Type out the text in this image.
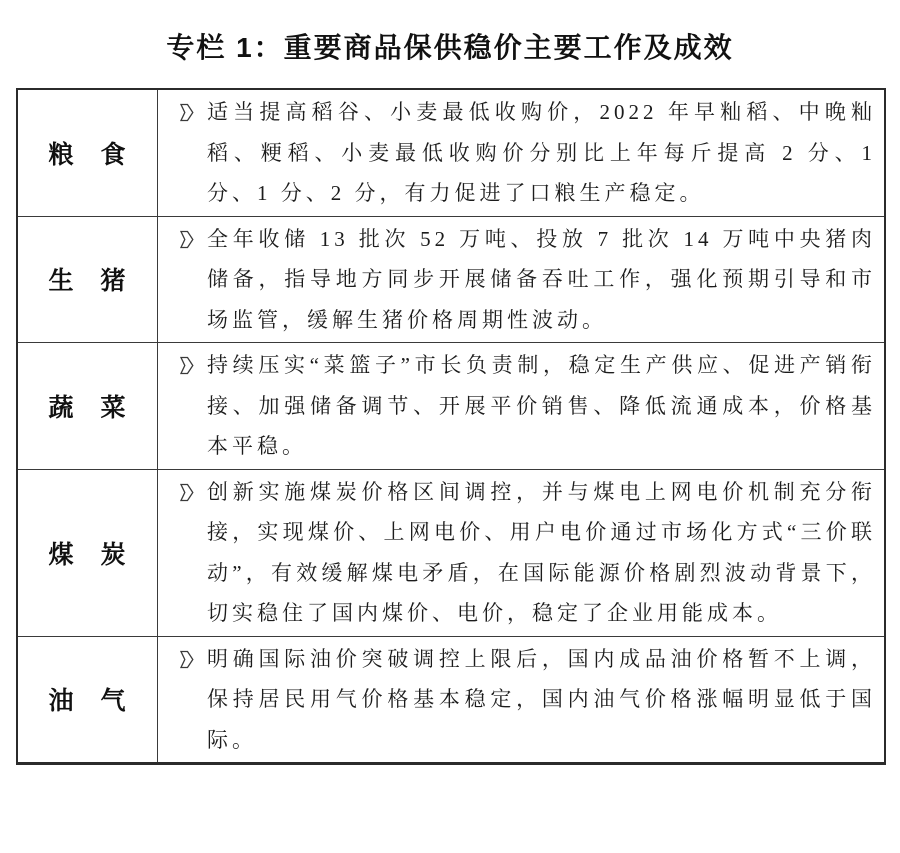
专栏 1：重要商品保供稳价主要工作及成效
粮　食

适当提高稻谷、小麦最低收购价，2022 年早籼稻、中晚籼稻、粳稻、小麦最低收购价分别比上年每斤提高 2 分、1 分、1 分、2 分，有力促进了口粮生产稳定。

生　猪

全年收储 13 批次 52 万吨、投放 7 批次 14 万吨中央猪肉储备，指导地方同步开展储备吞吐工作，强化预期引导和市场监管，缓解生猪价格周期性波动。

蔬　菜

持续压实“菜篮子”市长负责制，稳定生产供应、促进产销衔接、加强储备调节、开展平价销售、降低流通成本，价格基本平稳。

煤　炭

创新实施煤炭价格区间调控，并与煤电上网电价机制充分衔接，实现煤价、上网电价、用户电价通过市场化方式“三价联动”，有效缓解煤电矛盾，在国际能源价格剧烈波动背景下，切实稳住了国内煤价、电价，稳定了企业用能成本。

油　气

明确国际油价突破调控上限后，国内成品油价格暂不上调，保持居民用气价格基本稳定，国内油气价格涨幅明显低于国际。
